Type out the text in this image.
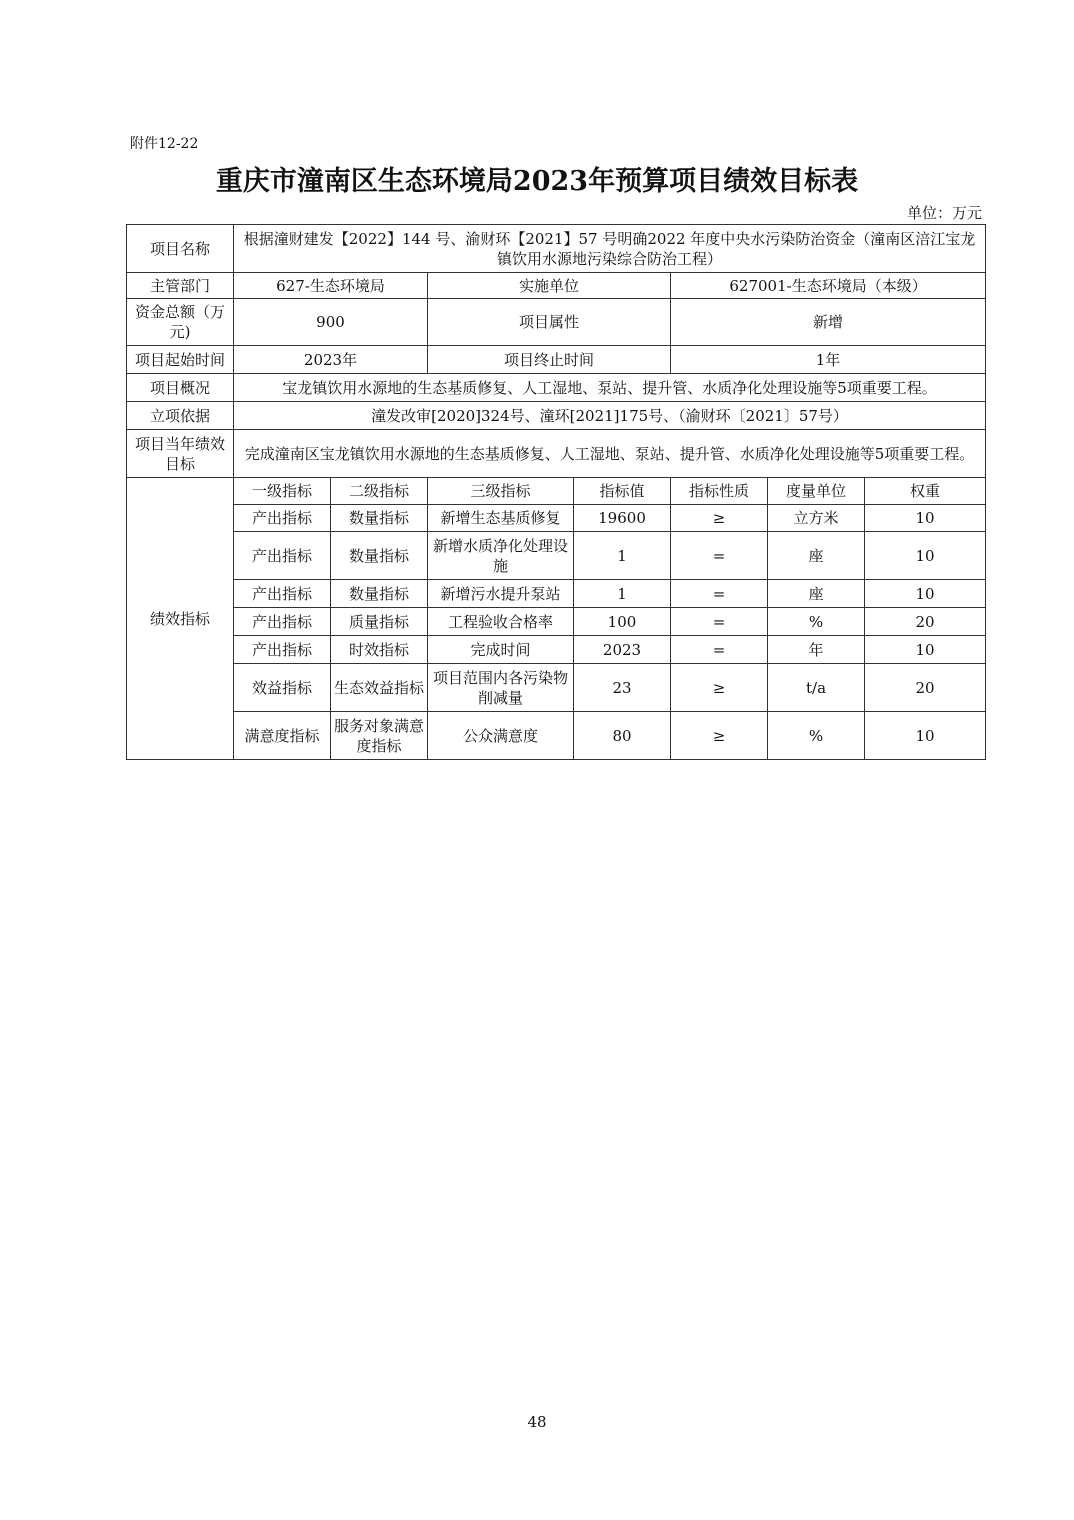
附件12-22
重庆市潼南区生态环境局2023年预算项目绩效目标表
单位：万元
项目名称	根据潼财建发【2022】144 号、渝财环【2021】57 号明确2022 年度中央水污染防治资金（潼南区涪江宝龙镇饮用水源地污染综合防治工程）						
主管部门	627-生态环境局		实施单位		627001-生态环境局（本级）		
资金总额（万元)	900		项目属性		新增		
项目起始时间	2023年		项目终止时间		1年		
项目概况	宝龙镇饮用水源地的生态基质修复、人工湿地、泵站、提升管、水质净化处理设施等5项重要工程。						
立项依据	潼发改审[2020]324号、潼环[2021]175号、（渝财环〔2021〕57号）						
项目当年绩效目标	完成潼南区宝龙镇饮用水源地的生态基质修复、人工湿地、泵站、提升管、水质净化处理设施等5项重要工程。						
绩效指标	一级指标	二级指标	三级指标	指标值	指标性质	度量单位	权重
	产出指标	数量指标	新增生态基质修复	19600	≥	立方米	10
	产出指标	数量指标	新增水质净化处理设施	1	=	座	10
	产出指标	数量指标	新增污水提升泵站	1	=	座	10
	产出指标	质量指标	工程验收合格率	100	=	%	20
	产出指标	时效指标	完成时间	2023	=	年	10
	效益指标	生态效益指标	项目范围内各污染物削减量	23	≥	t/a	20
	满意度指标	服务对象满意度指标	公众满意度	80	≥	%	10
48
